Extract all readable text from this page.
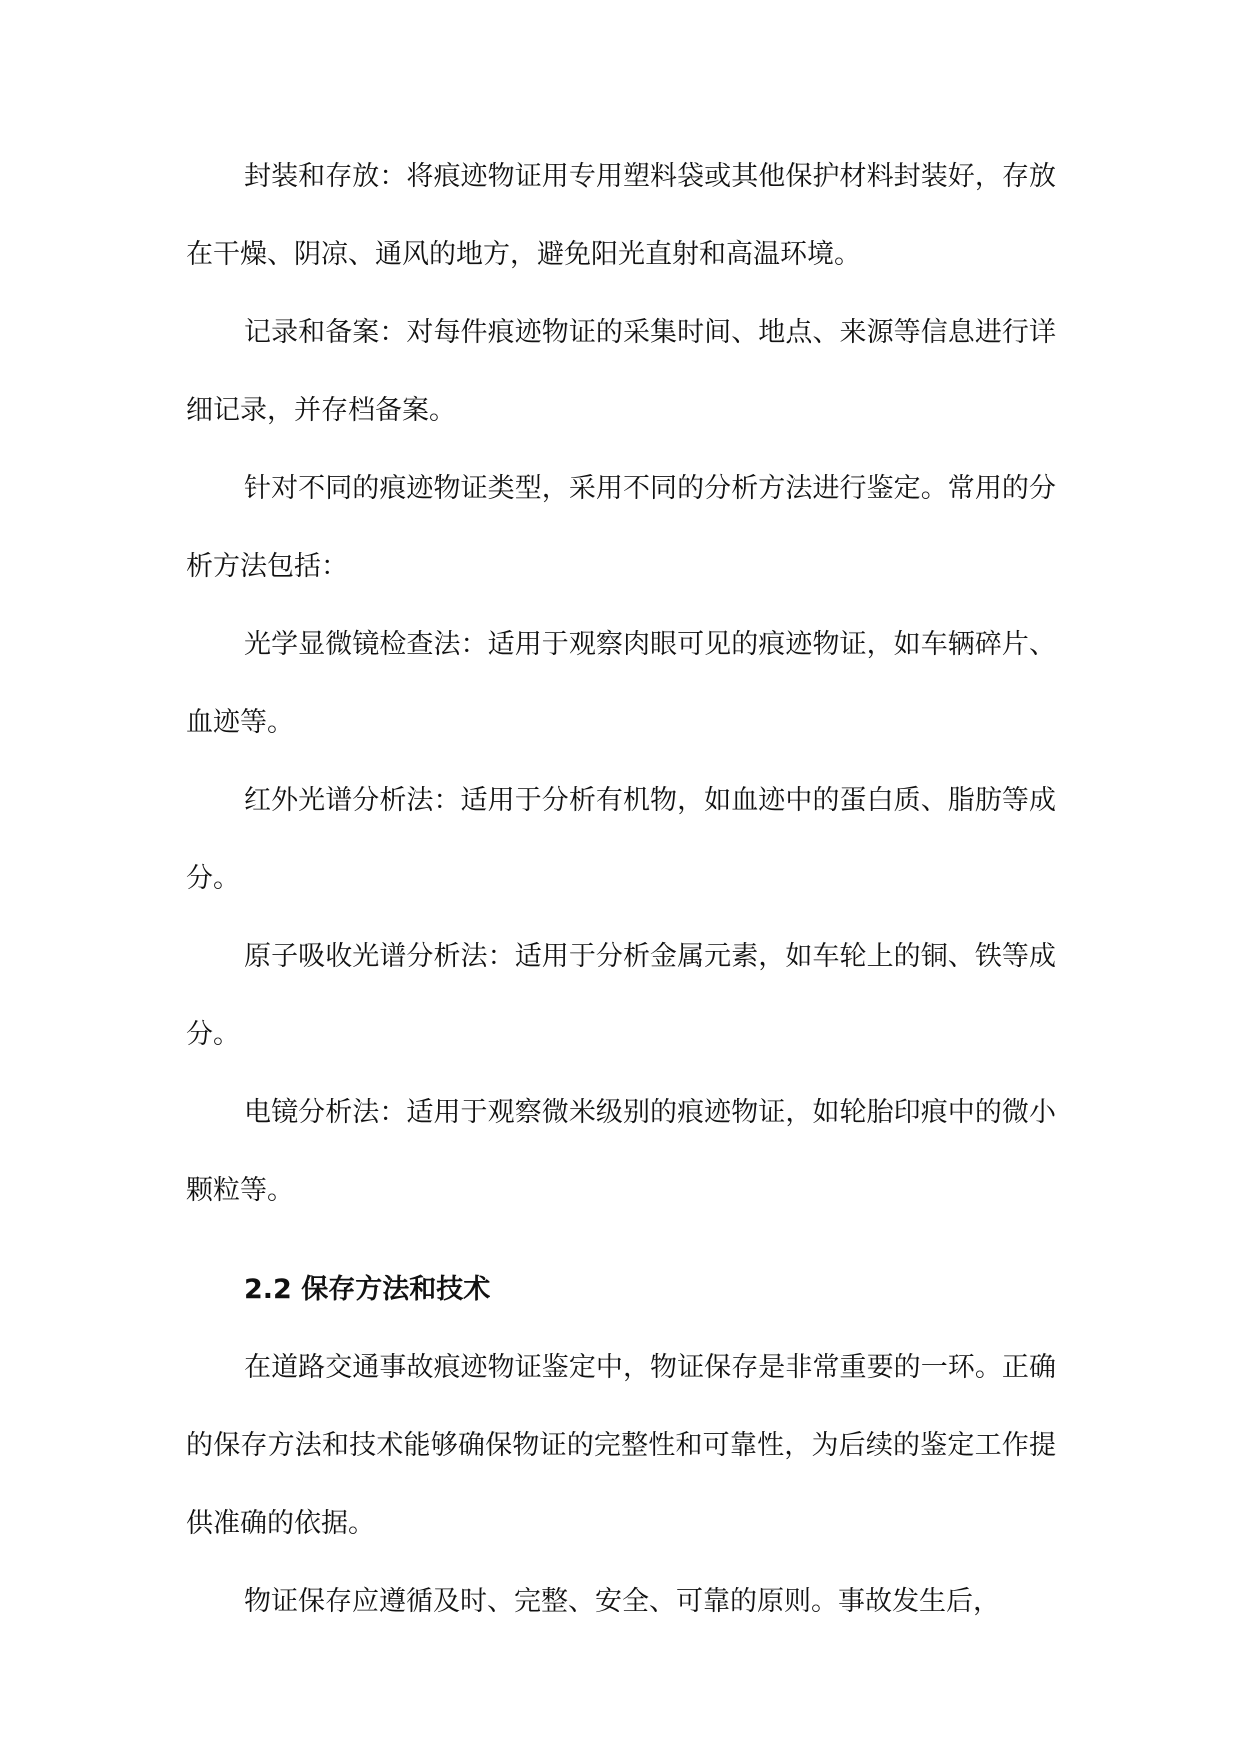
封装和存放：将痕迹物证用专用塑料袋或其他保护材料封装好，存放在干燥、阴凉、通风的地方，避免阳光直射和高温环境。

记录和备案：对每件痕迹物证的采集时间、地点、来源等信息进行详细记录，并存档备案。

针对不同的痕迹物证类型，采用不同的分析方法进行鉴定。常用的分析方法包括：

光学显微镜检查法：适用于观察肉眼可见的痕迹物证，如车辆碎片、血迹等。

红外光谱分析法：适用于分析有机物，如血迹中的蛋白质、脂肪等成分。

原子吸收光谱分析法：适用于分析金属元素，如车轮上的铜、铁等成分。

电镜分析法：适用于观察微米级别的痕迹物证，如轮胎印痕中的微小颗粒等。

2.2 保存方法和技术

在道路交通事故痕迹物证鉴定中，物证保存是非常重要的一环。正确的保存方法和技术能够确保物证的完整性和可靠性，为后续的鉴定工作提供准确的依据。

物证保存应遵循及时、完整、安全、可靠的原则。事故发生后，
